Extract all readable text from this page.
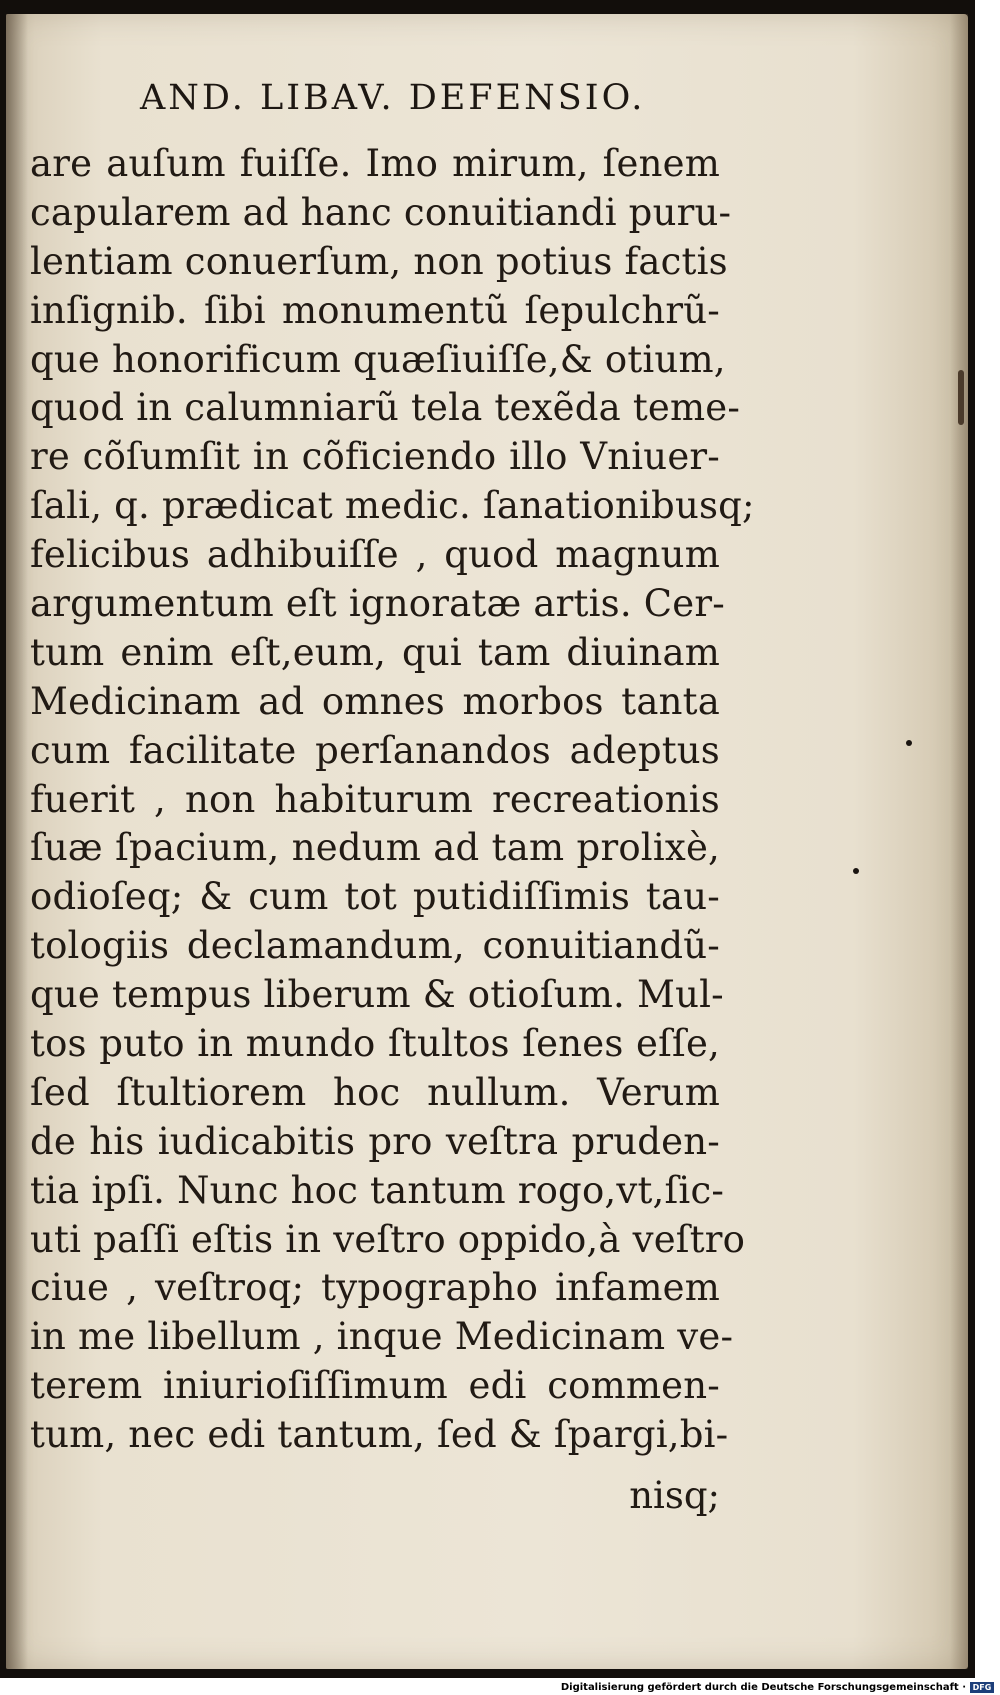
AND. LIBAV. DEFENSIO.
are auſum fuiſſe. Imo mirum, ſenem
capularem ad hanc conuitiandi puru-
lentiam conuerſum, non potius factis
inſignib. ſibi monumentũ ſepulchrũ-
que honorificum quæſiuiſſe,& otium,
quod in calumniarũ tela texẽda teme-
re cõſumſit in cõficiendo illo Vniuer-
ſali, q. prædicat medic. ſanationibusq;
felicibus adhibuiſſe , quod magnum
argumentum eſt ignoratæ artis. Cer-
tum enim eſt,eum, qui tam diuinam
Medicinam ad omnes morbos tanta
cum facilitate perſanandos adeptus
fuerit , non habiturum recreationis
ſuæ ſpacium, nedum ad tam prolixè,
odioſeq; & cum tot putidiſſimis tau-
tologiis declamandum, conuitiandũ-
que tempus liberum & otioſum. Mul-
tos puto in mundo ſtultos ſenes eſſe,
ſed ſtultiorem hoc nullum. Verum
de his iudicabitis pro veſtra pruden-
tia ipſi. Nunc hoc tantum rogo,vt,ſic-
uti paſſi eſtis in veſtro oppido,à veſtro
ciue , veſtroq; typographo infamem
in me libellum , inque Medicinam ve-
terem iniurioſiſſimum edi commen-
tum, nec edi tantum, ſed & ſpargi,bi-
nisq;
Digitalisierung gefördert durch die Deutsche Forschungsgemeinschaft · DFG
